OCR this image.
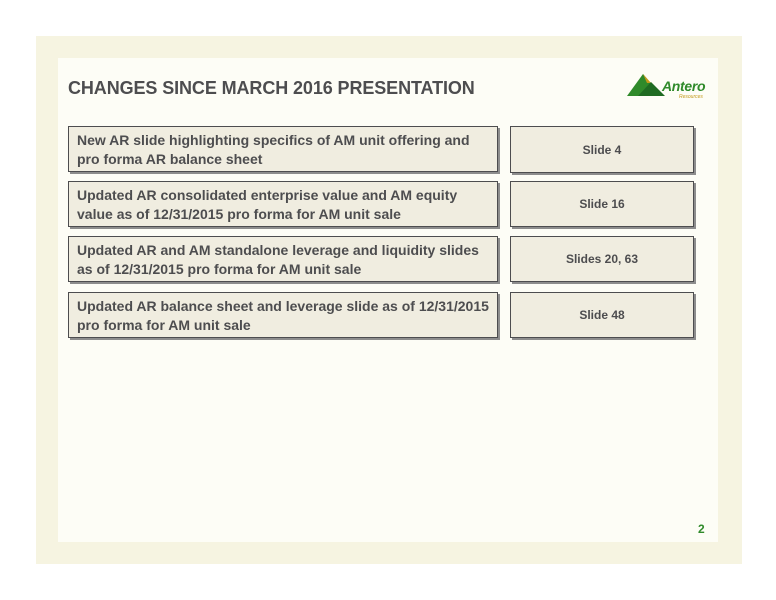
CHANGES SINCE MARCH 2016 PRESENTATION	Antero
Resources
New AR slide highlighting specifics of AM unit offering and pro forma AR balance sheet
Slide 4
Updated AR consolidated enterprise value and AM equity value as of 12/31/2015 pro forma for AM unit sale
Slide 16
Updated AR and AM standalone leverage and liquidity slides as of 12/31/2015 pro forma for AM unit sale
Slides 20, 63
Updated AR balance sheet and leverage slide as of 12/31/2015 pro forma for AM unit sale
Slide 48
2
